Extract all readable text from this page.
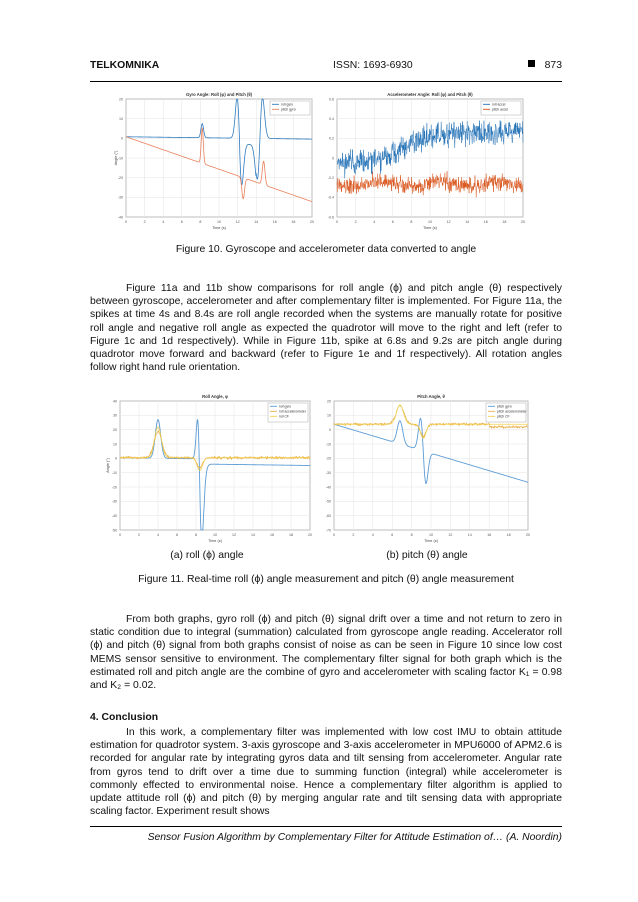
TELKOMNIKA	ISSN: 1693-6930	873
0	2	4	6	8	10	12	14	16	18	20
20
10
0
-10
-20
-30
-40
Gyro Angle: Roll (φ) and Pitch (θ)
Time (s)
Angle (°)
roll gyro
pitch gyro
0	2	4	6	8	10	12	14	16	18	20
0.6
0.4
0.2
0
-0.2
-0.4
-0.6
Accelerometer Angle: Roll (φ) and Pitch (θ)
Time (s)
roll accel
pitch accel
Figure 10. Gyroscope and accelerometer data converted to angle

Figure 11a and 11b show comparisons for roll angle (ϕ) and pitch angle (θ) respectively between gyroscope, accelerometer and after complementary filter is implemented. For Figure 11a, the spikes at time 4s and 8.4s are roll angle recorded when the systems are manually rotate for positive roll angle and negative roll angle as expected the quadrotor will move to the right and left (refer to Figure 1c and 1d respectively). While in Figure 11b, spike at 6.8s and 9.2s are pitch angle during quadrotor move forward and backward (refer to Figure 1e and 1f respectively). All rotation angles follow right hand rule orientation.

0	2	4	6	8	10	12	14	16	18	20
40
30
20
10
0
-10
-20
-30
-40
-50
Roll Angle, φ
Time (s)
Angle (°)
roll gyro
roll accelerometer
roll CF
0	2	4	6	8	10	12	14	16	18	20
20
10
0
-10
-20
-30
-40
-50
-60
-70
Pitch Angle, θ
Time (s)
pitch gyro
pitch accelerometer
pitch CF
(a) roll (ϕ) angle	(b) pitch (θ) angle
Figure 11. Real-time roll (ϕ) angle measurement and pitch (θ) angle measurement

From both graphs, gyro roll (ϕ) and pitch (θ) signal drift over a time and not return to zero in static condition due to integral (summation) calculated from gyroscope angle reading. Accelerator roll (ϕ) and pitch (θ) signal from both graphs consist of noise as can be seen in Figure 10 since low cost MEMS sensor sensitive to environment. The complementary filter signal for both graph which is the estimated roll and pitch angle are the combine of gyro and accelerometer with scaling factor K₁ = 0.98 and K₂ = 0.02.

4. Conclusion

In this work, a complementary filter was implemented with low cost IMU to obtain attitude estimation for quadrotor system. 3-axis gyroscope and 3-axis accelerometer in MPU6000 of APM2.6 is recorded for angular rate by integrating gyros data and tilt sensing from accelerometer. Angular rate from gyros tend to drift over a time due to summing function (integral) while accelerometer is commonly effected to environmental noise. Hence a complementary filter algorithm is applied to update attitude roll (ϕ) and pitch (θ) by merging angular rate and tilt sensing data with appropriate scaling factor. Experiment result shows

Sensor Fusion Algorithm by Complementary Filter for Attitude Estimation of… (A. Noordin)
